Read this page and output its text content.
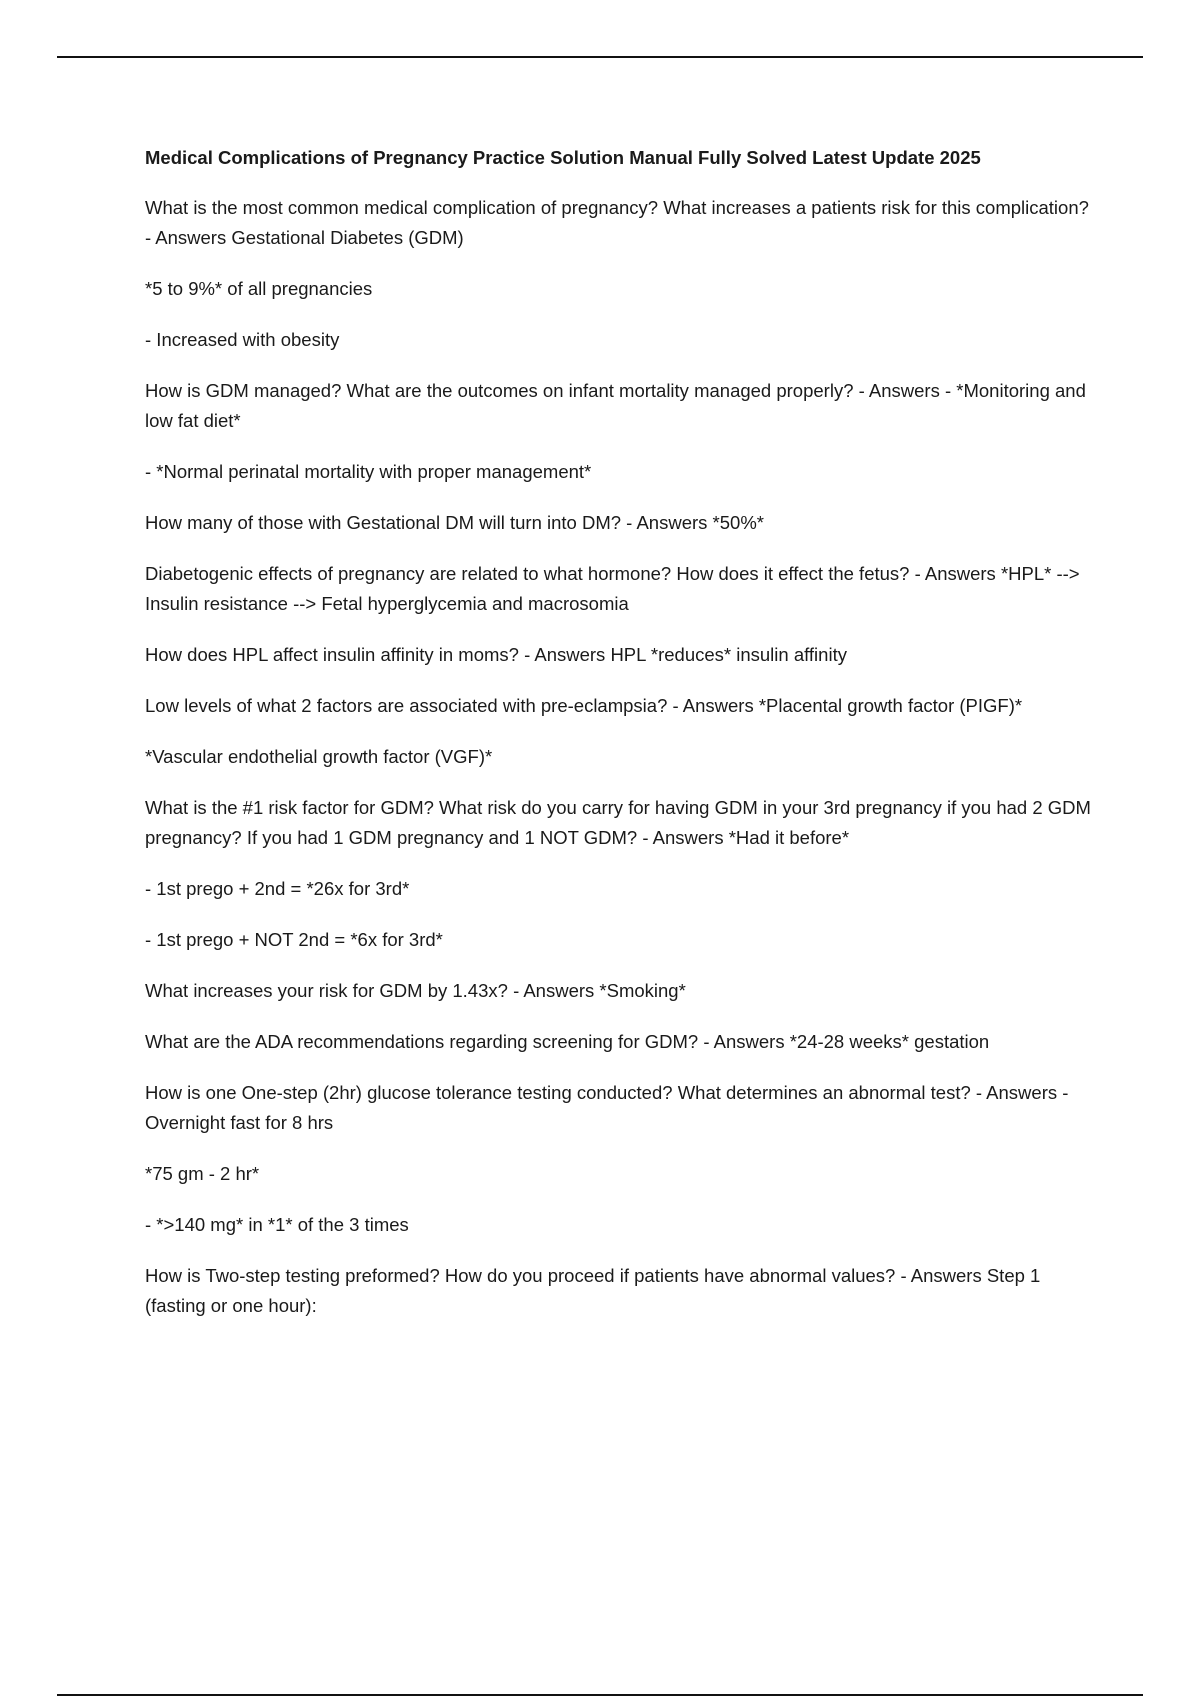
Medical Complications of Pregnancy Practice Solution Manual Fully Solved Latest Update 2025

What is the most common medical complication of pregnancy? What increases a patients risk for this complication? - Answers Gestational Diabetes (GDM)

*5 to 9%* of all pregnancies

- Increased with obesity

How is GDM managed? What are the outcomes on infant mortality managed properly? - Answers - *Monitoring and low fat diet*

- *Normal perinatal mortality with proper management*

How many of those with Gestational DM will turn into DM? - Answers *50%*

Diabetogenic effects of pregnancy are related to what hormone? How does it effect the fetus? - Answers *HPL* --> Insulin resistance --> Fetal hyperglycemia and macrosomia

How does HPL affect insulin affinity in moms? - Answers HPL *reduces* insulin affinity

Low levels of what 2 factors are associated with pre-eclampsia? - Answers *Placental growth factor (PIGF)*

*Vascular endothelial growth factor (VGF)*

What is the #1 risk factor for GDM? What risk do you carry for having GDM in your 3rd pregnancy if you had 2 GDM pregnancy? If you had 1 GDM pregnancy and 1 NOT GDM? - Answers *Had it before*

- 1st prego + 2nd = *26x for 3rd*

- 1st prego + NOT 2nd = *6x for 3rd*

What increases your risk for GDM by 1.43x? - Answers *Smoking*

What are the ADA recommendations regarding screening for GDM? - Answers *24-28 weeks* gestation

How is one One-step (2hr) glucose tolerance testing conducted? What determines an abnormal test? - Answers - Overnight fast for 8 hrs

*75 gm - 2 hr*

- *>140 mg* in *1* of the 3 times

How is Two-step testing preformed? How do you proceed if patients have abnormal values? - Answers Step 1 (fasting or one hour):
